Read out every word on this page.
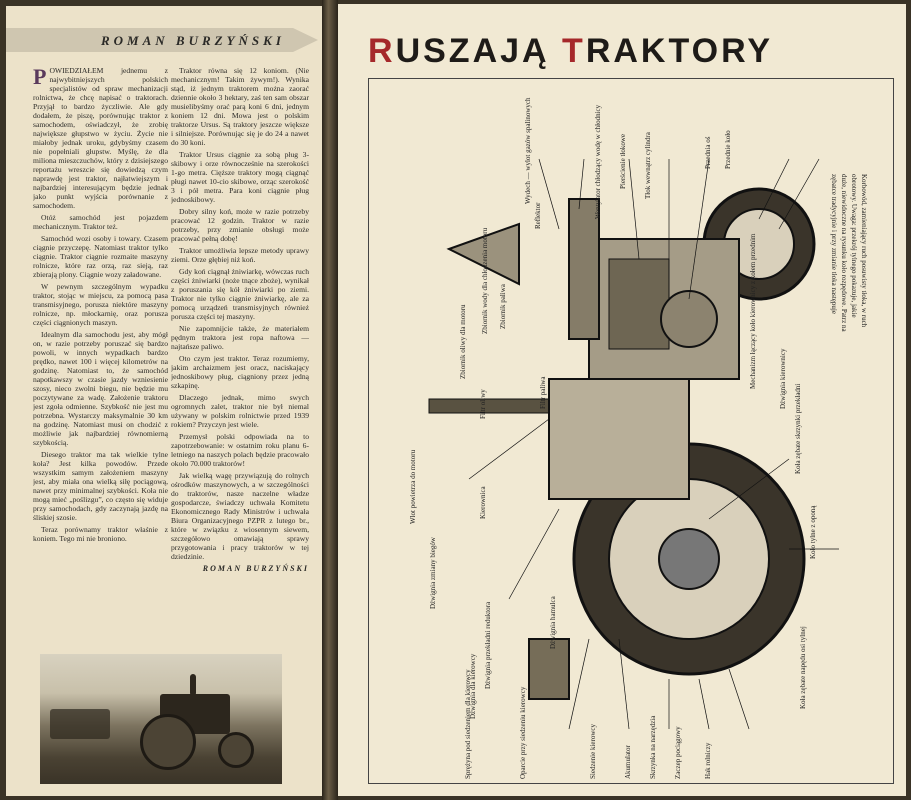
ROMAN BURZYŃSKI
P OWIEDZIAŁEM jednemu z najwybitniejszych polskich specjalistów od spraw mechanizacji rolnictwa, że chcę napisać o traktorach. Przyjął to bardzo życzliwie. Ale gdy dodałem, że piszę, porównując traktor z samochodem, oświadczył, że zrobię największe głupstwo w życiu. Życie nie miałoby jednak uroku, gdybyśmy czasem nie popełniali głupstw. Myślę, że dla miliona mieszczuchów, który z dzisiejszego reportażu wreszcie się dowiedzą czym naprawdę jest traktor, najłatwiejszym i najbardziej interesującym będzie jednak jako punkt wyjścia porównanie z samochodem.

Otóż samochód jest pojazdem mechanicznym. Traktor też.

Samochód wozi osoby i towary. Czasem ciągnie przyczepę. Natomiast traktor tylko ciągnie. Traktor ciągnie rozmaite maszyny rolnicze, które raz orzą, raz sieją, raz zbierają plony. Ciągnie wozy załadowane.

W pewnym szczególnym wypadku traktor, stojąc w miejscu, za pomocą pasa transmisyjnego, porusza niektóre maszyny rolnicze, np. młockarnię, oraz porusza części ciągnionych maszyn.

Idealnym dla samochodu jest, aby mógł on, w razie potrzeby poruszać się bardzo powoli, w innych wypadkach bardzo prędko, nawet 100 i więcej kilometrów na godzinę. Natomiast to, że samochód napotkawszy w czasie jazdy wzniesienie szosy, nieco zwolni biegu, nie będzie mu poczytywane za wadę. Założenie traktoru jest zgoła odmienne. Szybkość nie jest mu potrzebna. Wystarczy maksymalnie 30 km na godzinę. Natomiast musi on chodzić z możliwie jak najbardziej równomierną szybkością.

Diesego traktor ma tak wielkie tylne koła? Jest kilka powodów. Przede wszystkim samym założeniem maszyny jest, aby miała ona wielką siłę pociągową, nawet przy minimalnej szybkości. Koła nie mogą mieć „poślizgu”, co często się widuje przy samochodach, gdy zaczynają jazdę na śliskiej szosie.

Teraz porównamy traktor właśnie z koniem. Tego mi nie broniono.

Traktor równa się 12 koniom. (Nie mechanicznym! Takim żywym!). Wynika stąd, iż jednym traktorem można zaorać dziennie około 3 hektary, zaś ten sam obszar musielibyśmy orać parą koni 6 dni, jednym koniem 12 dni. Mowa jest o polskim traktorze Ursus. Są traktory jeszcze większe i silniejsze. Porównując się je do 24 a nawet do 30 koni.

Traktor Ursus ciągnie za sobą pług 3-skibowy i orze równocześnie na szerokości 1-go metra. Cięższe traktory mogą ciągnąć pługi nawet 10-cio skibowe, orząc szerokość 3 i pół metra. Para koni ciągnie pług jednoskibowy.

Dobry silny koń, może w razie potrzeby pracować 12 godzin. Traktor w razie potrzeby, przy zmianie obsługi może pracować pełną dobę!

Traktor umożliwia lepsze metody uprawy ziemi. Orze głębiej niż koń.

Gdy koń ciągnął żniwiarkę, wówczas ruch części żniwiarki (noże tnące zboże), wynikał z poruszania się kół żniwiarki po ziemi. Traktor nie tylko ciągnie żniwiarkę, ale za pomocą urządzeń transmisyjnych również porusza części tej maszyny.

Nie zapomnijcie także, że materiałem pędnym traktora jest ropa naftowa — najtańsze paliwo.

Oto czym jest traktor. Teraz rozumiemy, jakim archaizmem jest oracz, naciskający jednoskibowy pług, ciągniony przez jedną szkapinę.

Dlaczego jednak, mimo swych ogromnych zalet, traktor nie był niemal używany w polskim rolnictwie przed 1939 rokiem? Przyczyn jest wiele.

Przemysł polski odpowiada na to zapotrzebowanie: w ostatnim roku planu 6-letniego na naszych polach będzie pracowało około 70.000 traktorów!

Jak wielką wagę przywiązują do rolnych ośrodków maszynowych, a w szczególności do traktorów, nasze naczelne władze gospodarcze, świadczy uchwała Komitetu Ekonomicznego Rady Ministrów i uchwała Biura Organizacyjnego PZPR z lutego br., które w związku z wiosennym siewem, szczegółowo omawiają sprawy przygotowania i pracy traktorów w tej dziedzinie.

ROMAN BURZYŃSKI
RUSZAJĄ TRAKTORY
Reflektor
Wydech — wylot gazów spalinowych	Wentylator chłodzący wodę w chłodnicy Pierścienie tłokowe Tłok wewnątrz cylindra	Przednia oś Przednie koło
Zbiornik paliwa
Zbiornik wody dla chłodzenia motoru
Zbiornik oliwy dla motoru
Filtr oliwy	Filtr paliwa
Wlot powietrza do motoru	Kierownica
Dźwignia zmiany biegów
Dźwignia przekładni reduktora	Dźwignia hamulca
Dźwignia dla kierowcy
Sprężyna pod siedzeniem dla kierowcy	Oparcie przy siedzeniu kierowcy	Siedzenie kierowcy	Akumulator Skrzynka na narzędzia Zaczep pociągowy	Hak rolniczy
Koła zębate napędu osi tylnej
Koło tylne z oponą
Koła zębate skrzynki przekładni
Dźwignia kierownicy
Mechanizm łączący koło kierownicy z kołem przednim	Korbowód, zamieniający ruch posuwisty tłoka, w ruch
obrotowy. Uwaga: przekrój tylnego pokazuje, jakie
duże, niewidoczne na rysunku koło rozpędowe. Patrz na
zębatce tradycyjnie i przy zmianie tłoka następuje
